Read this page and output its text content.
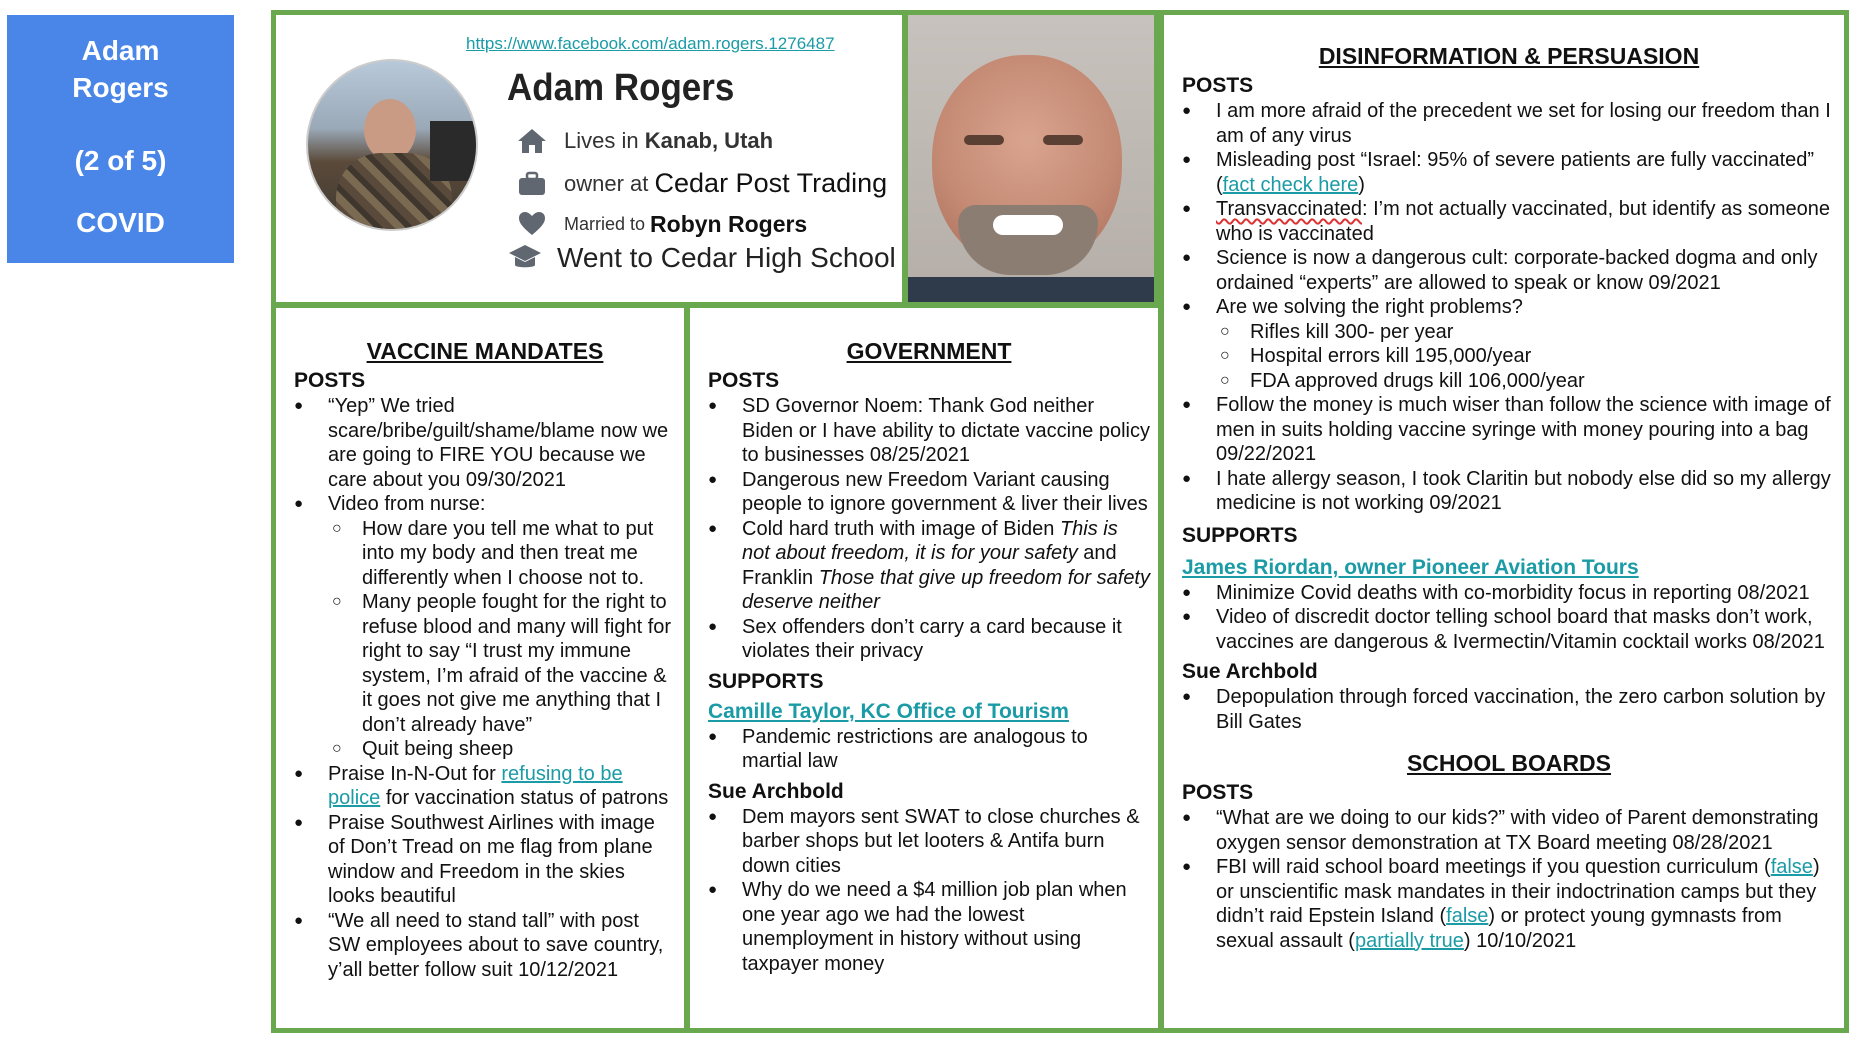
Adam
Rogers
(2 of 5)
COVID
https://www.facebook.com/adam.rogers.1276487
Adam Rogers
Lives in
Kanab, Utah
owner at
Cedar Post Trading
Married to
Robyn Rogers
Went to Cedar High School
VACCINE MANDATES
POSTS
● “Yep” We tried scare/bribe/guilt/shame/blame now we are going to FIRE YOU because we care about you 09/30/2021
● Video from nurse:
○ How dare you tell me what to put into my body and then treat me differently when I choose not to.
○ Many people fought for the right to refuse blood and many will fight for right to say “I trust my immune system, I’m afraid of the vaccine & it goes not give me anything that I don’t already have”
○ Quit being sheep
● Praise In-N-Out for refusing to be police for vaccination status of patrons
● Praise Southwest Airlines with image of Don’t Tread on me flag from plane window and Freedom in the skies looks beautiful
● “We all need to stand tall” with post SW employees about to save country, y’all better follow suit 10/12/2021
GOVERNMENT
POSTS
● SD Governor Noem: Thank God neither Biden or I have ability to dictate vaccine policy to businesses 08/25/2021
● Dangerous new Freedom Variant causing people to ignore government & liver their lives
● Cold hard truth with image of Biden This is not about freedom, it is for your safety and Franklin Those that give up freedom for safety deserve neither
● Sex offenders don’t carry a card because it violates their privacy
SUPPORTS
Camille Taylor, KC Office of Tourism
● Pandemic restrictions are analogous to martial law
Sue Archbold
● Dem mayors sent SWAT to close churches & barber shops but let looters & Antifa burn down cities
● Why do we need a $4 million job plan when one year ago we had the lowest unemployment in history without using taxpayer money
DISINFORMATION & PERSUASION
POSTS
● I am more afraid of the precedent we set for losing our freedom than I am of any virus
● Misleading post “Israel: 95% of severe patients are fully vaccinated” (fact check here)
● Transvaccinated: I’m not actually vaccinated, but identify as someone who is vaccinated
● Science is now a dangerous cult: corporate-backed dogma and only ordained “experts” are allowed to speak or know 09/2021
● Are we solving the right problems?
○ Rifles kill 300- per year
○ Hospital errors kill 195,000/year
○ FDA approved drugs kill 106,000/year
● Follow the money is much wiser than follow the science with image of men in suits holding vaccine syringe with money pouring into a bag 09/22/2021
● I hate allergy season, I took Claritin but nobody else did so my allergy medicine is not working 09/2021
SUPPORTS
James Riordan, owner Pioneer Aviation Tours
● Minimize Covid deaths with co-morbidity focus in reporting 08/2021
● Video of discredit doctor telling school board that masks don’t work, vaccines are dangerous & Ivermectin/Vitamin cocktail works 08/2021
Sue Archbold
● Depopulation through forced vaccination, the zero carbon solution by Bill Gates
SCHOOL BOARDS
POSTS
● “What are we doing to our kids?” with video of Parent demonstrating oxygen sensor demonstration at TX Board meeting 08/28/2021
● FBI will raid school board meetings if you question curriculum (false) or unscientific mask mandates in their indoctrination camps but they didn’t raid Epstein Island (false) or protect young gymnasts from sexual assault (partially true) 10/10/2021
